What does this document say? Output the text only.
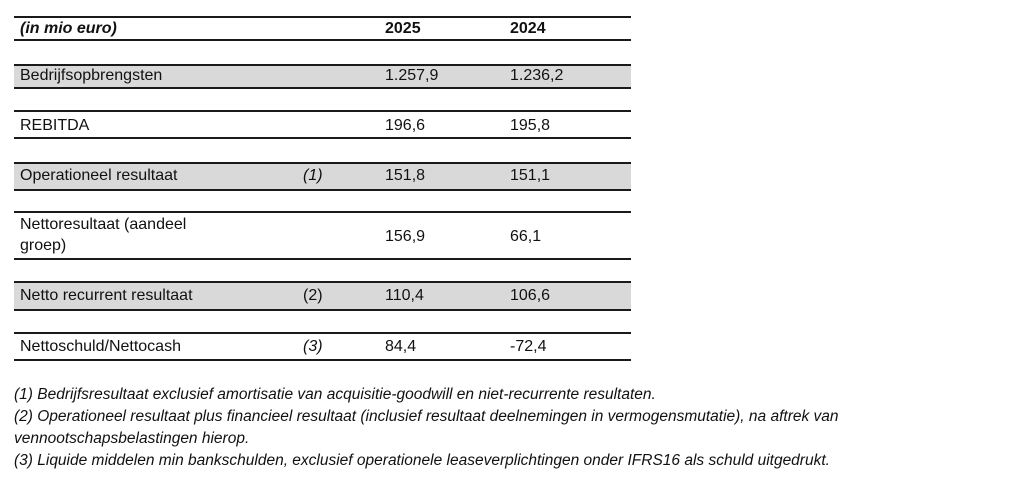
(in mio euro)	2025	2024
Bedrijfsopbrengsten	1.257,9	1.236,2
REBITDA	196,6	195,8
Operationeel resultaat	(1)	151,8	151,1
Nettoresultaat (aandeel
groep)
156,9	66,1
Netto recurrent resultaat	(2)	110,4	106,6
Nettoschuld/Nettocash	(3)	84,4	-72,4

(1) Bedrijfsresultaat exclusief amortisatie van acquisitie-goodwill en niet-recurrente resultaten.

(2) Operationeel resultaat plus financieel resultaat (inclusief resultaat deelnemingen in vermogensmutatie), na aftrek van vennootschapsbelastingen hierop.

(3) Liquide middelen min bankschulden, exclusief operationele leaseverplichtingen onder IFRS16 als schuld uitgedrukt.
